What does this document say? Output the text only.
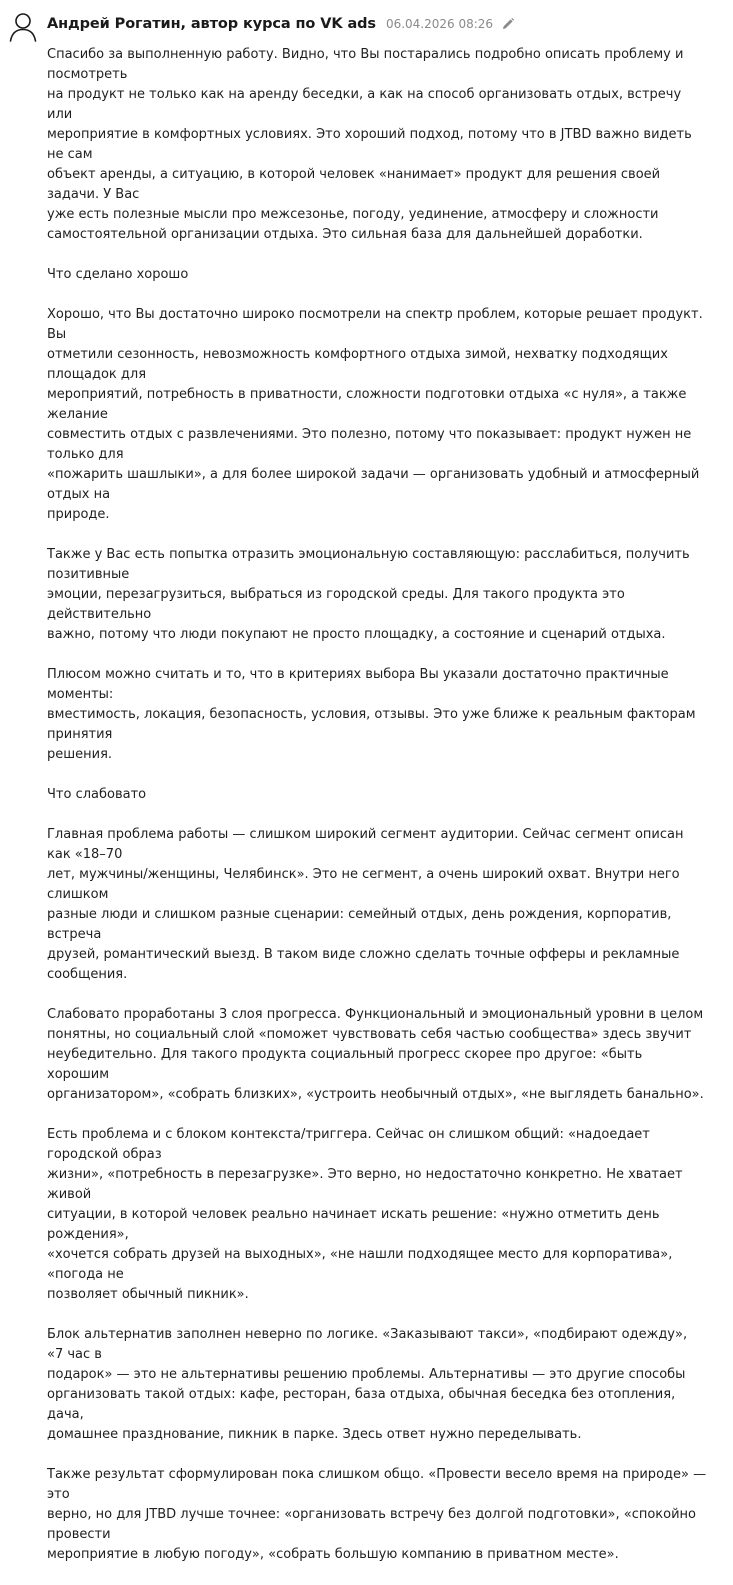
Андрей Рогатин, автор курса по VK ads 06.04.2026 08:26

Спасибо за выполненную работу. Видно, что Вы постарались подробно описать проблему и посмотреть
на продукт не только как на аренду беседки, а как на способ организовать отдых, встречу или
мероприятие в комфортных условиях. Это хороший подход, потому что в JTBD важно видеть не сам
объект аренды, а ситуацию, в которой человек «нанимает» продукт для решения своей задачи. У Вас
уже есть полезные мысли про межсезонье, погоду, уединение, атмосферу и сложности
самостоятельной организации отдыха. Это сильная база для дальнейшей доработки.

Что сделано хорошо

Хорошо, что Вы достаточно широко посмотрели на спектр проблем, которые решает продукт. Вы
отметили сезонность, невозможность комфортного отдыха зимой, нехватку подходящих площадок для
мероприятий, потребность в приватности, сложности подготовки отдыха «с нуля», а также желание
совместить отдых с развлечениями. Это полезно, потому что показывает: продукт нужен не только для
«пожарить шашлыки», а для более широкой задачи — организовать удобный и атмосферный отдых на
природе.

Также у Вас есть попытка отразить эмоциональную составляющую: расслабиться, получить позитивные
эмоции, перезагрузиться, выбраться из городской среды. Для такого продукта это действительно
важно, потому что люди покупают не просто площадку, а состояние и сценарий отдыха.

Плюсом можно считать и то, что в критериях выбора Вы указали достаточно практичные моменты:
вместимость, локация, безопасность, условия, отзывы. Это уже ближе к реальным факторам принятия
решения.

Что слабовато

Главная проблема работы — слишком широкий сегмент аудитории. Сейчас сегмент описан как «18–70
лет, мужчины/женщины, Челябинск». Это не сегмент, а очень широкий охват. Внутри него слишком
разные люди и слишком разные сценарии: семейный отдых, день рождения, корпоратив, встреча
друзей, романтический выезд. В таком виде сложно сделать точные офферы и рекламные сообщения.

Слабовато проработаны 3 слоя прогресса. Функциональный и эмоциональный уровни в целом
понятны, но социальный слой «поможет чувствовать себя частью сообщества» здесь звучит
неубедительно. Для такого продукта социальный прогресс скорее про другое: «быть хорошим
организатором», «собрать близких», «устроить необычный отдых», «не выглядеть банально».

Есть проблема и с блоком контекста/триггера. Сейчас он слишком общий: «надоедает городской образ
жизни», «потребность в перезагрузке». Это верно, но недостаточно конкретно. Не хватает живой
ситуации, в которой человек реально начинает искать решение: «нужно отметить день рождения»,
«хочется собрать друзей на выходных», «не нашли подходящее место для корпоратива», «погода не
позволяет обычный пикник».

Блок альтернатив заполнен неверно по логике. «Заказывают такси», «подбирают одежду», «7 час в
подарок» — это не альтернативы решению проблемы. Альтернативы — это другие способы
организовать такой отдых: кафе, ресторан, база отдыха, обычная беседка без отопления, дача,
домашнее празднование, пикник в парке. Здесь ответ нужно переделывать.

Также результат сформулирован пока слишком общо. «Провести весело время на природе» — это
верно, но для JTBD лучше точнее: «организовать встречу без долгой подготовки», «спокойно провести
мероприятие в любую погоду», «собрать большую компанию в приватном месте».
